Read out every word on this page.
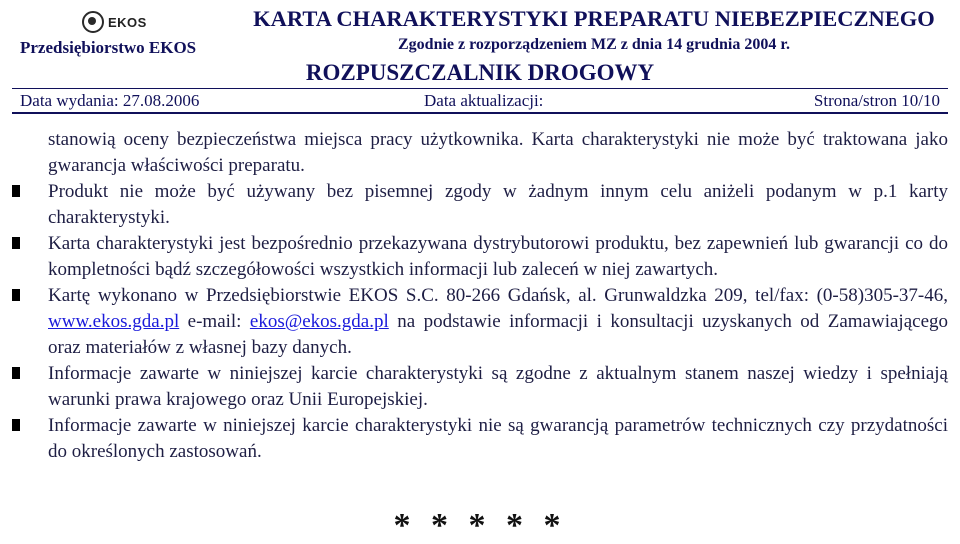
EKOS
Przedsiębiorstwo EKOS
KARTA CHARAKTERYSTYKI PREPARATU NIEBEZPIECZNEGO
Zgodnie z rozporządzeniem MZ z dnia 14 grudnia 2004 r.
ROZPUSZCZALNIK DROGOWY
Data wydania: 27.08.2006	Data aktualizacji:	Strona/stron 10/10

stanowią oceny bezpieczeństwa miejsca pracy użytkownika. Karta charakterystyki nie może być traktowana jako gwarancja właściwości preparatu.

Produkt nie może być używany bez pisemnej zgody w żadnym innym celu aniżeli podanym w p.1 karty charakterystyki.

Karta charakterystyki jest bezpośrednio przekazywana dystrybutorowi produktu, bez zapewnień lub gwarancji co do kompletności bądź szczegółowości wszystkich informacji lub zaleceń w niej zawartych.

Kartę wykonano w Przedsiębiorstwie EKOS S.C. 80-266 Gdańsk, al. Grunwaldzka 209, tel/fax: (0-58)305-37-46, www.ekos.gda.pl e-mail: ekos@ekos.gda.pl na podstawie informacji i konsultacji uzyskanych od Zamawiającego oraz materiałów z własnej bazy danych.

Informacje zawarte w niniejszej karcie charakterystyki są zgodne z aktualnym stanem naszej wiedzy i spełniają warunki prawa krajowego oraz Unii Europejskiej.

Informacje zawarte w niniejszej karcie charakterystyki nie są gwarancją parametrów technicznych czy przydatności do określonych zastosowań.

* * * * *
